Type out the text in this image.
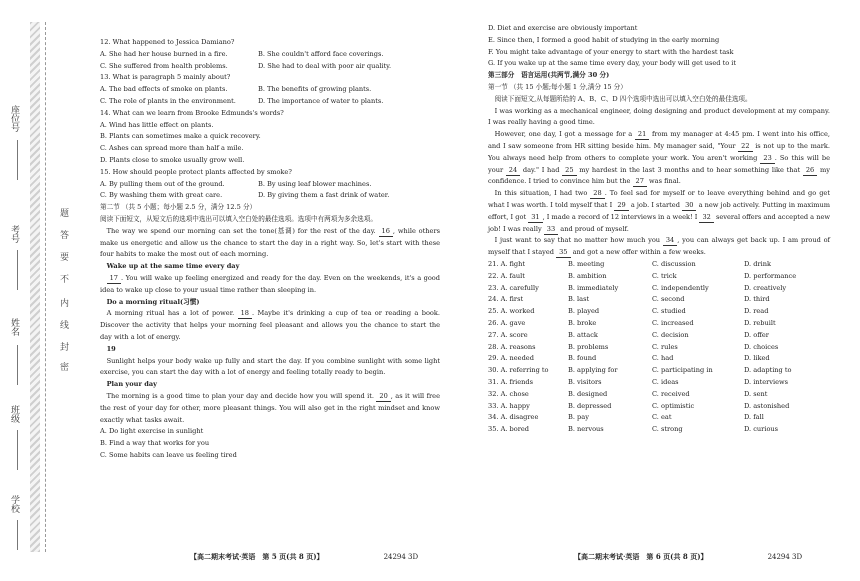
座位号
考号
姓名
班级
学校
密
封
线
内
不
要
答
题
12. What happened to Jessica Damiano?
A. She had her house burned in a fire.	B. She couldn't afford face coverings.
C. She suffered from health problems.	D. She had to deal with poor air quality.
13. What is paragraph 5 mainly about?
A. The bad effects of smoke on plants.	B. The benefits of growing plants.
C. The role of plants in the environment.	D. The importance of water to plants.
14. What can we learn from Brooke Edmunds's words?
A. Wind has little effect on plants.
B. Plants can sometimes make a quick recovery.
C. Ashes can spread more than half a mile.
D. Plants close to smoke usually grow well.
15. How should people protect plants affected by smoke?
A. By pulling them out of the ground.	B. By using leaf blower machines.
C. By washing them with great care.	D. By giving them a fast drink of water.
第二节 （共 5 小题；每小题 2.5 分，满分 12.5 分）
阅读下面短文，从短文后的选项中选出可以填入空白处的最佳选项。选项中有两项为多余选项。
 The way we spend our morning can set the tone(基调) for the rest of the day. 16 , while others make us energetic and allow us the chance to start the day in a right way. So, let's start with these four habits to make the most out of each morning.
 Wake up at the same time every day
 17 . You will wake up feeling energized and ready for the day. Even on the weekends, it's a good idea to wake up close to your usual time rather than sleeping in.
 Do a morning ritual(习惯)
 A morning ritual has a lot of power. 18 . Maybe it's drinking a cup of tea or reading a book. Discover the activity that helps your morning feel pleasant and allows you the chance to start the day with a lot of energy.
 19
 Sunlight helps your body wake up fully and start the day. If you combine sunlight with some light exercise, you can start the day with a lot of energy and feeling totally ready to begin.
 Plan your day
 The morning is a good time to plan your day and decide how you will spend it. 20 , as it will free the rest of your day for other, more pleasant things. You will also get in the right mindset and know exactly what tasks await.
A. Do light exercise in sunlight
B. Find a way that works for you
C. Some habits can leave us feeling tired
【高二期末考试·英语　第 5 页(共 8 页)】	24294 3D
D. Diet and exercise are obviously important
E. Since then, I formed a good habit of studying in the early morning
F. You might take advantage of your energy to start with the hardest task
G. If you wake up at the same time every day, your body will get used to it
第三部分　语言运用(共两节,满分 30 分)
第一节 （共 15 小题;每小题 1 分,满分 15 分）
 阅读下面短文,从每题所给的 A、B、C、D 四个选项中选出可以填入空白处的最佳选项。
 I was working as a mechanical engineer, doing designing and product development at my company. I was really having a good time.
 However, one day, I got a message for a 21 from my manager at 4:45 pm. I went into his office, and I saw someone from HR sitting beside him. My manager said, "Your 22 is not up to the mark. You always need help from others to complete your work. You aren't working 23 . So this will be your 24 day." I had 25 my hardest in the last 3 months and to hear something like that 26 my confidence. I tried to convince him but the 27 was final.
 In this situation, I had two 28 . To feel sad for myself or to leave everything behind and go get what I was worth. I told myself that I 29 a job. I started 30 a new job actively. Putting in maximum effort, I got 31 , I made a record of 12 interviews in a week! I 32 several offers and accepted a new job! I was really 33 and proud of myself.
 I just want to say that no matter how much you 34 , you can always get back up. I am proud of myself that I stayed 35 and got a new offer within a few weeks.
21. A. fight	B. meeting	C. discussion	D. drink
22. A. fault	B. ambition	C. trick	D. performance
23. A. carefully	B. immediately	C. independently	D. creatively
24. A. first	B. last	C. second	D. third
25. A. worked	B. played	C. studied	D. read
26. A. gave	B. broke	C. increased	D. rebuilt
27. A. score	B. attack	C. decision	D. offer
28. A. reasons	B. problems	C. rules	D. choices
29. A. needed	B. found	C. had	D. liked
30. A. referring to	B. applying for	C. participating in	D. adapting to
31. A. friends	B. visitors	C. ideas	D. interviews
32. A. chose	B. designed	C. received	D. sent
33. A. happy	B. depressed	C. optimistic	D. astonished
34. A. disagree	B. pay	C. eat	D. fall
35. A. bored	B. nervous	C. strong	D. curious
【高二期末考试·英语　第 6 页(共 8 页)】	24294 3D
